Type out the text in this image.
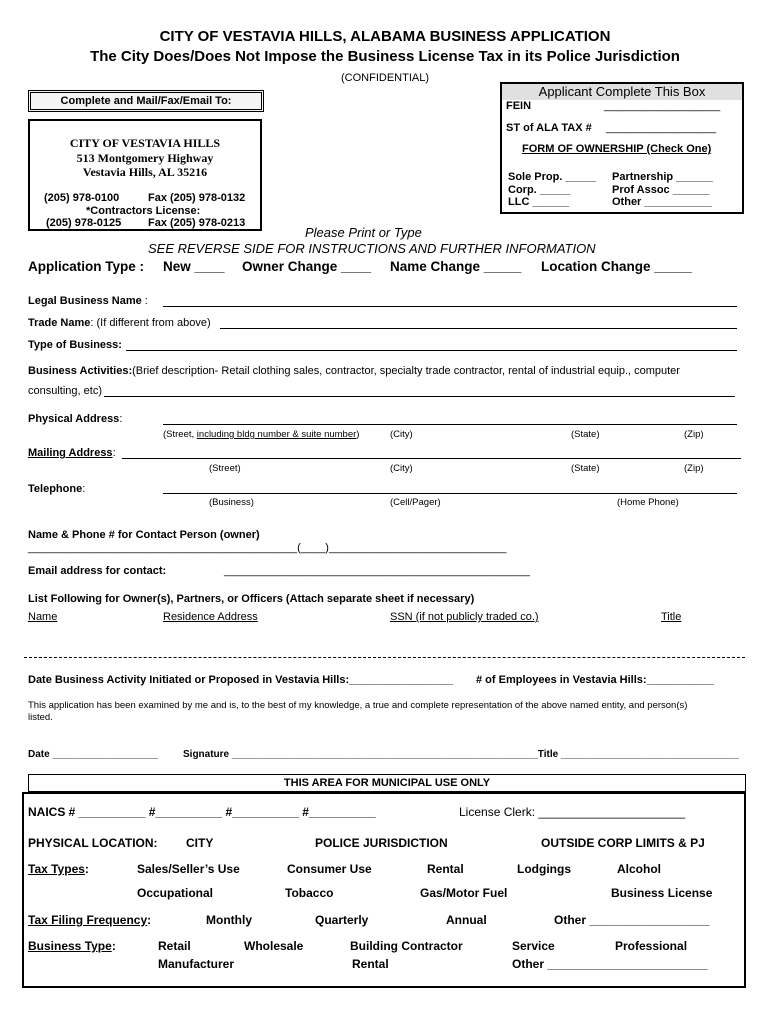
CITY OF VESTAVIA HILLS, ALABAMA BUSINESS APPLICATION
The City Does/Does Not Impose the Business License Tax in its Police Jurisdiction
(CONFIDENTIAL)
Complete and Mail/Fax/Email To:
CITY OF VESTAVIA HILLS
513 Montgomery Highway
Vestavia Hills, AL 35216
(205) 978-0100	Fax (205) 978-0132
*Contractors License:
(205) 978-0125 Fax (205) 978-0213
Applicant Complete This Box
FEIN	___________________
ST of ALA TAX # __________________
FORM OF OWNERSHIP (Check One)
Sole Prop. _____ Partnership ______
Corp. _____	Prof Assoc ______
LLC ______	Other ___________
Please Print or Type
SEE REVERSE SIDE FOR INSTRUCTIONS AND FURTHER INFORMATION
Application Type : New ____ Owner Change ____ Name Change _____ Location Change _____
Legal Business Name :
Trade Name: (If different from above)
Type of Business:
Business Activities:(Brief description- Retail clothing sales, contractor, specialty trade contractor, rental of industrial equip., computer
consulting, etc)
Physical Address:
(Street, including bldg number & suite number)	(City)	(State)	(Zip)
Mailing Address:
(Street)	(City)	(State)	(Zip)
Telephone:
(Business)	(Cell/Pager)	(Home Phone)
Name & Phone # for Contact Person (owner)
____________________________________________(____)_____________________________
Email address for contact:	__________________________________________________
List Following for Owner(s), Partners, or Officers (Attach separate sheet if necessary)
Name	Residence Address	SSN (if not publicly traded co.)	Title
Date Business Activity Initiated or Proposed in Vestavia Hills:_________________ # of Employees in Vestavia Hills:___________
This application has been examined by me and is, to the best of my knowledge, a true and complete representation of the above named entity, and person(s)
listed.
Date ___________________ Signature _______________________________________________________Title ________________________________
THIS AREA FOR MUNICIPAL USE ONLY
NAICS # __________ #__________ #__________ #__________	License Clerk: ______________________
PHYSICAL LOCATION: CITY	POLICE JURISDICTION	OUTSIDE CORP LIMITS & PJ
Tax Types:	Sales/Seller’s Use	Consumer Use	Rental	Lodgings	Alcohol
Occupational	Tobacco	Gas/Motor Fuel	Business License
Tax Filing Frequency:	Monthly	Quarterly	Annual	Other __________________
Business Type:	Retail	Wholesale	Building Contractor	Service	Professional
Manufacturer	Rental	Other ________________________
